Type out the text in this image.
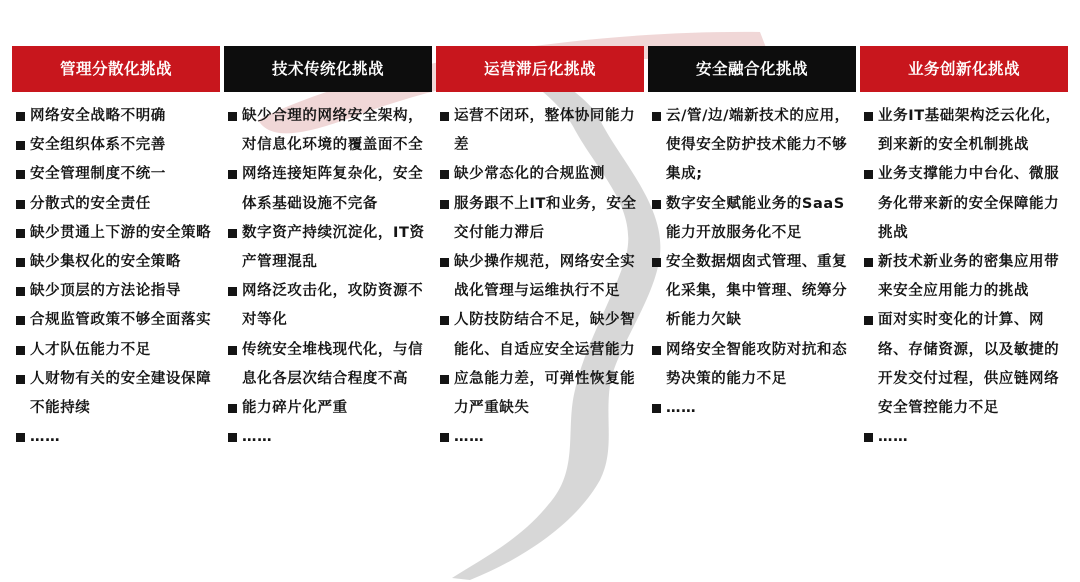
管理分散化挑战
网络安全战略不明确
安全组织体系不完善
安全管理制度不统一
分散式的安全责任
缺少贯通上下游的安全策略
缺少集权化的安全策略
缺少顶层的方法论指导
合规监管政策不够全面落实
人才队伍能力不足
人财物有关的安全建设保障不能持续
……
技术传统化挑战
缺少合理的网络安全架构，对信息化环境的覆盖面不全
网络连接矩阵复杂化，安全体系基础设施不完备
数字资产持续沉淀化，IT资产管理混乱
网络泛攻击化，攻防资源不对等化
传统安全堆栈现代化，与信息化各层次结合程度不高
能力碎片化严重
……
运营滞后化挑战
运营不闭环，整体协同能力差
缺少常态化的合规监测
服务跟不上IT和业务，安全交付能力滞后
缺少操作规范，网络安全实战化管理与运维执行不足
人防技防结合不足，缺少智能化、自适应安全运营能力
应急能力差，可弹性恢复能力严重缺失
……
安全融合化挑战
云/管/边/端新技术的应用，使得安全防护技术能力不够集成;
数字安全赋能业务的SaaS能力开放服务化不足
安全数据烟囱式管理、重复化采集，集中管理、统筹分析能力欠缺
网络安全智能攻防对抗和态势决策的能力不足
……
业务创新化挑战
业务IT基础架构泛云化化，到来新的安全机制挑战
业务支撑能力中台化、微服务化带来新的安全保障能力挑战
新技术新业务的密集应用带来安全应用能力的挑战
面对实时变化的计算、网络、存储资源，以及敏捷的开发交付过程，供应链网络安全管控能力不足
……
